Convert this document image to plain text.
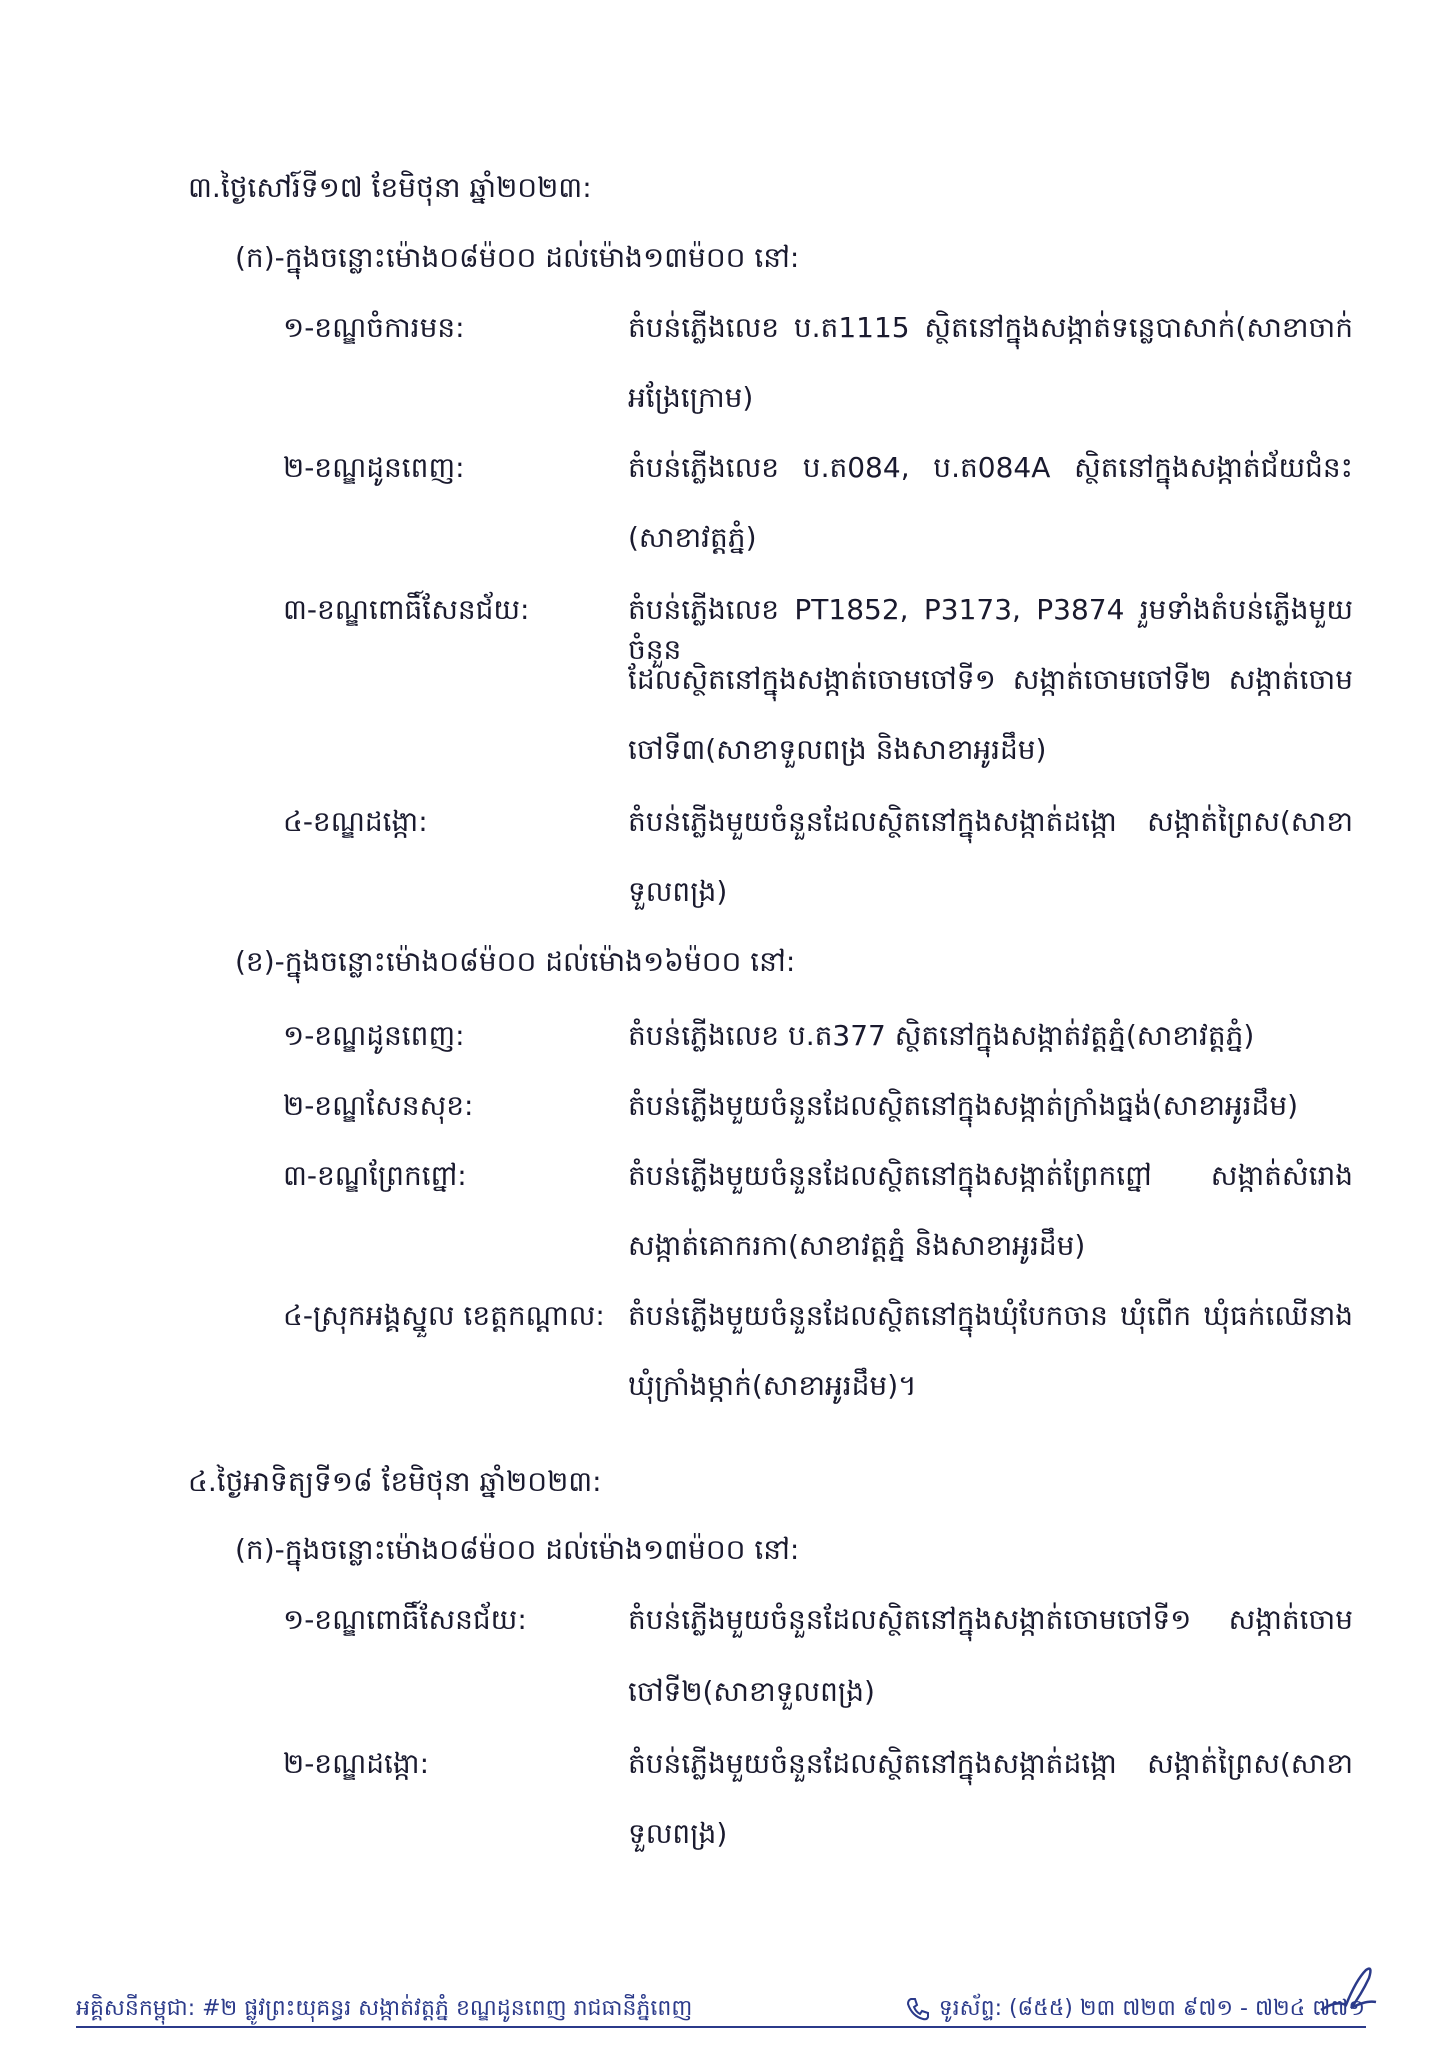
៣.ថ្ងៃសៅរ៍ទី១៧ ខែមិថុនា ឆ្នាំ២០២៣:
(ក)-ក្នុងចន្លោះម៉ោង០៨ម៉០០ ដល់ម៉ោង១៣ម៉០០ នៅ:
១-ខណ្ឌចំការមន:	តំបន់ភ្លើងលេខ ប.ត1115 ស្ថិតនៅក្នុងសង្កាត់ទន្លេបាសាក់(សាខាចាក់
អង្រែក្រោម)
២-ខណ្ឌដូនពេញ:	តំបន់ភ្លើងលេខ ប.ត084, ប.ត084A ស្ថិតនៅក្នុងសង្កាត់ជ័យជំនះ
(សាខាវត្តភ្នំ)
៣-ខណ្ឌពោធិ៍សែនជ័យ:	តំបន់ភ្លើងលេខ PT1852, P3173, P3874 រួមទាំងតំបន់ភ្លើងមួយចំនួន
ដែលស្ថិតនៅក្នុងសង្កាត់ចោមចៅទី១ សង្កាត់ចោមចៅទី២ សង្កាត់ចោម
ចៅទី៣(សាខាទួលពង្រ និងសាខាអូរដឹម)
៤-ខណ្ឌដង្កោ:	តំបន់ភ្លើងមួយចំនួនដែលស្ថិតនៅក្នុងសង្កាត់ដង្កោ សង្កាត់ព្រៃស(សាខា
ទួលពង្រ)
(ខ)-ក្នុងចន្លោះម៉ោង០៨ម៉០០ ដល់ម៉ោង១៦ម៉០០ នៅ:
១-ខណ្ឌដូនពេញ:	តំបន់ភ្លើងលេខ ប.ត377 ស្ថិតនៅក្នុងសង្កាត់វត្តភ្នំ(សាខាវត្តភ្នំ)
២-ខណ្ឌសែនសុខ:	តំបន់ភ្លើងមួយចំនួនដែលស្ថិតនៅក្នុងសង្កាត់ក្រាំងធ្នង់(សាខាអូរដឹម)
៣-ខណ្ឌព្រែកព្នៅ:	តំបន់ភ្លើងមួយចំនួនដែលស្ថិតនៅក្នុងសង្កាត់ព្រែកព្នៅ សង្កាត់សំរោង
សង្កាត់គោករកា(សាខាវត្តភ្នំ និងសាខាអូរដឹម)
៤-ស្រុកអង្គស្នួល ខេត្តកណ្ដាល: តំបន់ភ្លើងមួយចំនួនដែលស្ថិតនៅក្នុងឃុំបែកចាន ឃុំពើក ឃុំធក់ឈើនាង
ឃុំក្រាំងម្កាក់(សាខាអូរដឹម)។
៤.ថ្ងៃអាទិត្យទី១៨ ខែមិថុនា ឆ្នាំ២០២៣:
(ក)-ក្នុងចន្លោះម៉ោង០៨ម៉០០ ដល់ម៉ោង១៣ម៉០០ នៅ:
១-ខណ្ឌពោធិ៍សែនជ័យ:	តំបន់ភ្លើងមួយចំនួនដែលស្ថិតនៅក្នុងសង្កាត់ចោមចៅទី១ សង្កាត់ចោម
ចៅទី២(សាខាទួលពង្រ)
២-ខណ្ឌដង្កោ:	តំបន់ភ្លើងមួយចំនួនដែលស្ថិតនៅក្នុងសង្កាត់ដង្កោ សង្កាត់ព្រៃស(សាខា
ទួលពង្រ)
អគ្គិសនីកម្ពុជា: #២ ផ្លូវព្រះយុគន្ធរ សង្កាត់វត្តភ្នំ ខណ្ឌដូនពេញ រាជធានីភ្នំពេញ	ទូរស័ព្ទ: (៨៥៥) ២៣ ៧២៣ ៩៧១ - ៧២៤ ៧៧១
